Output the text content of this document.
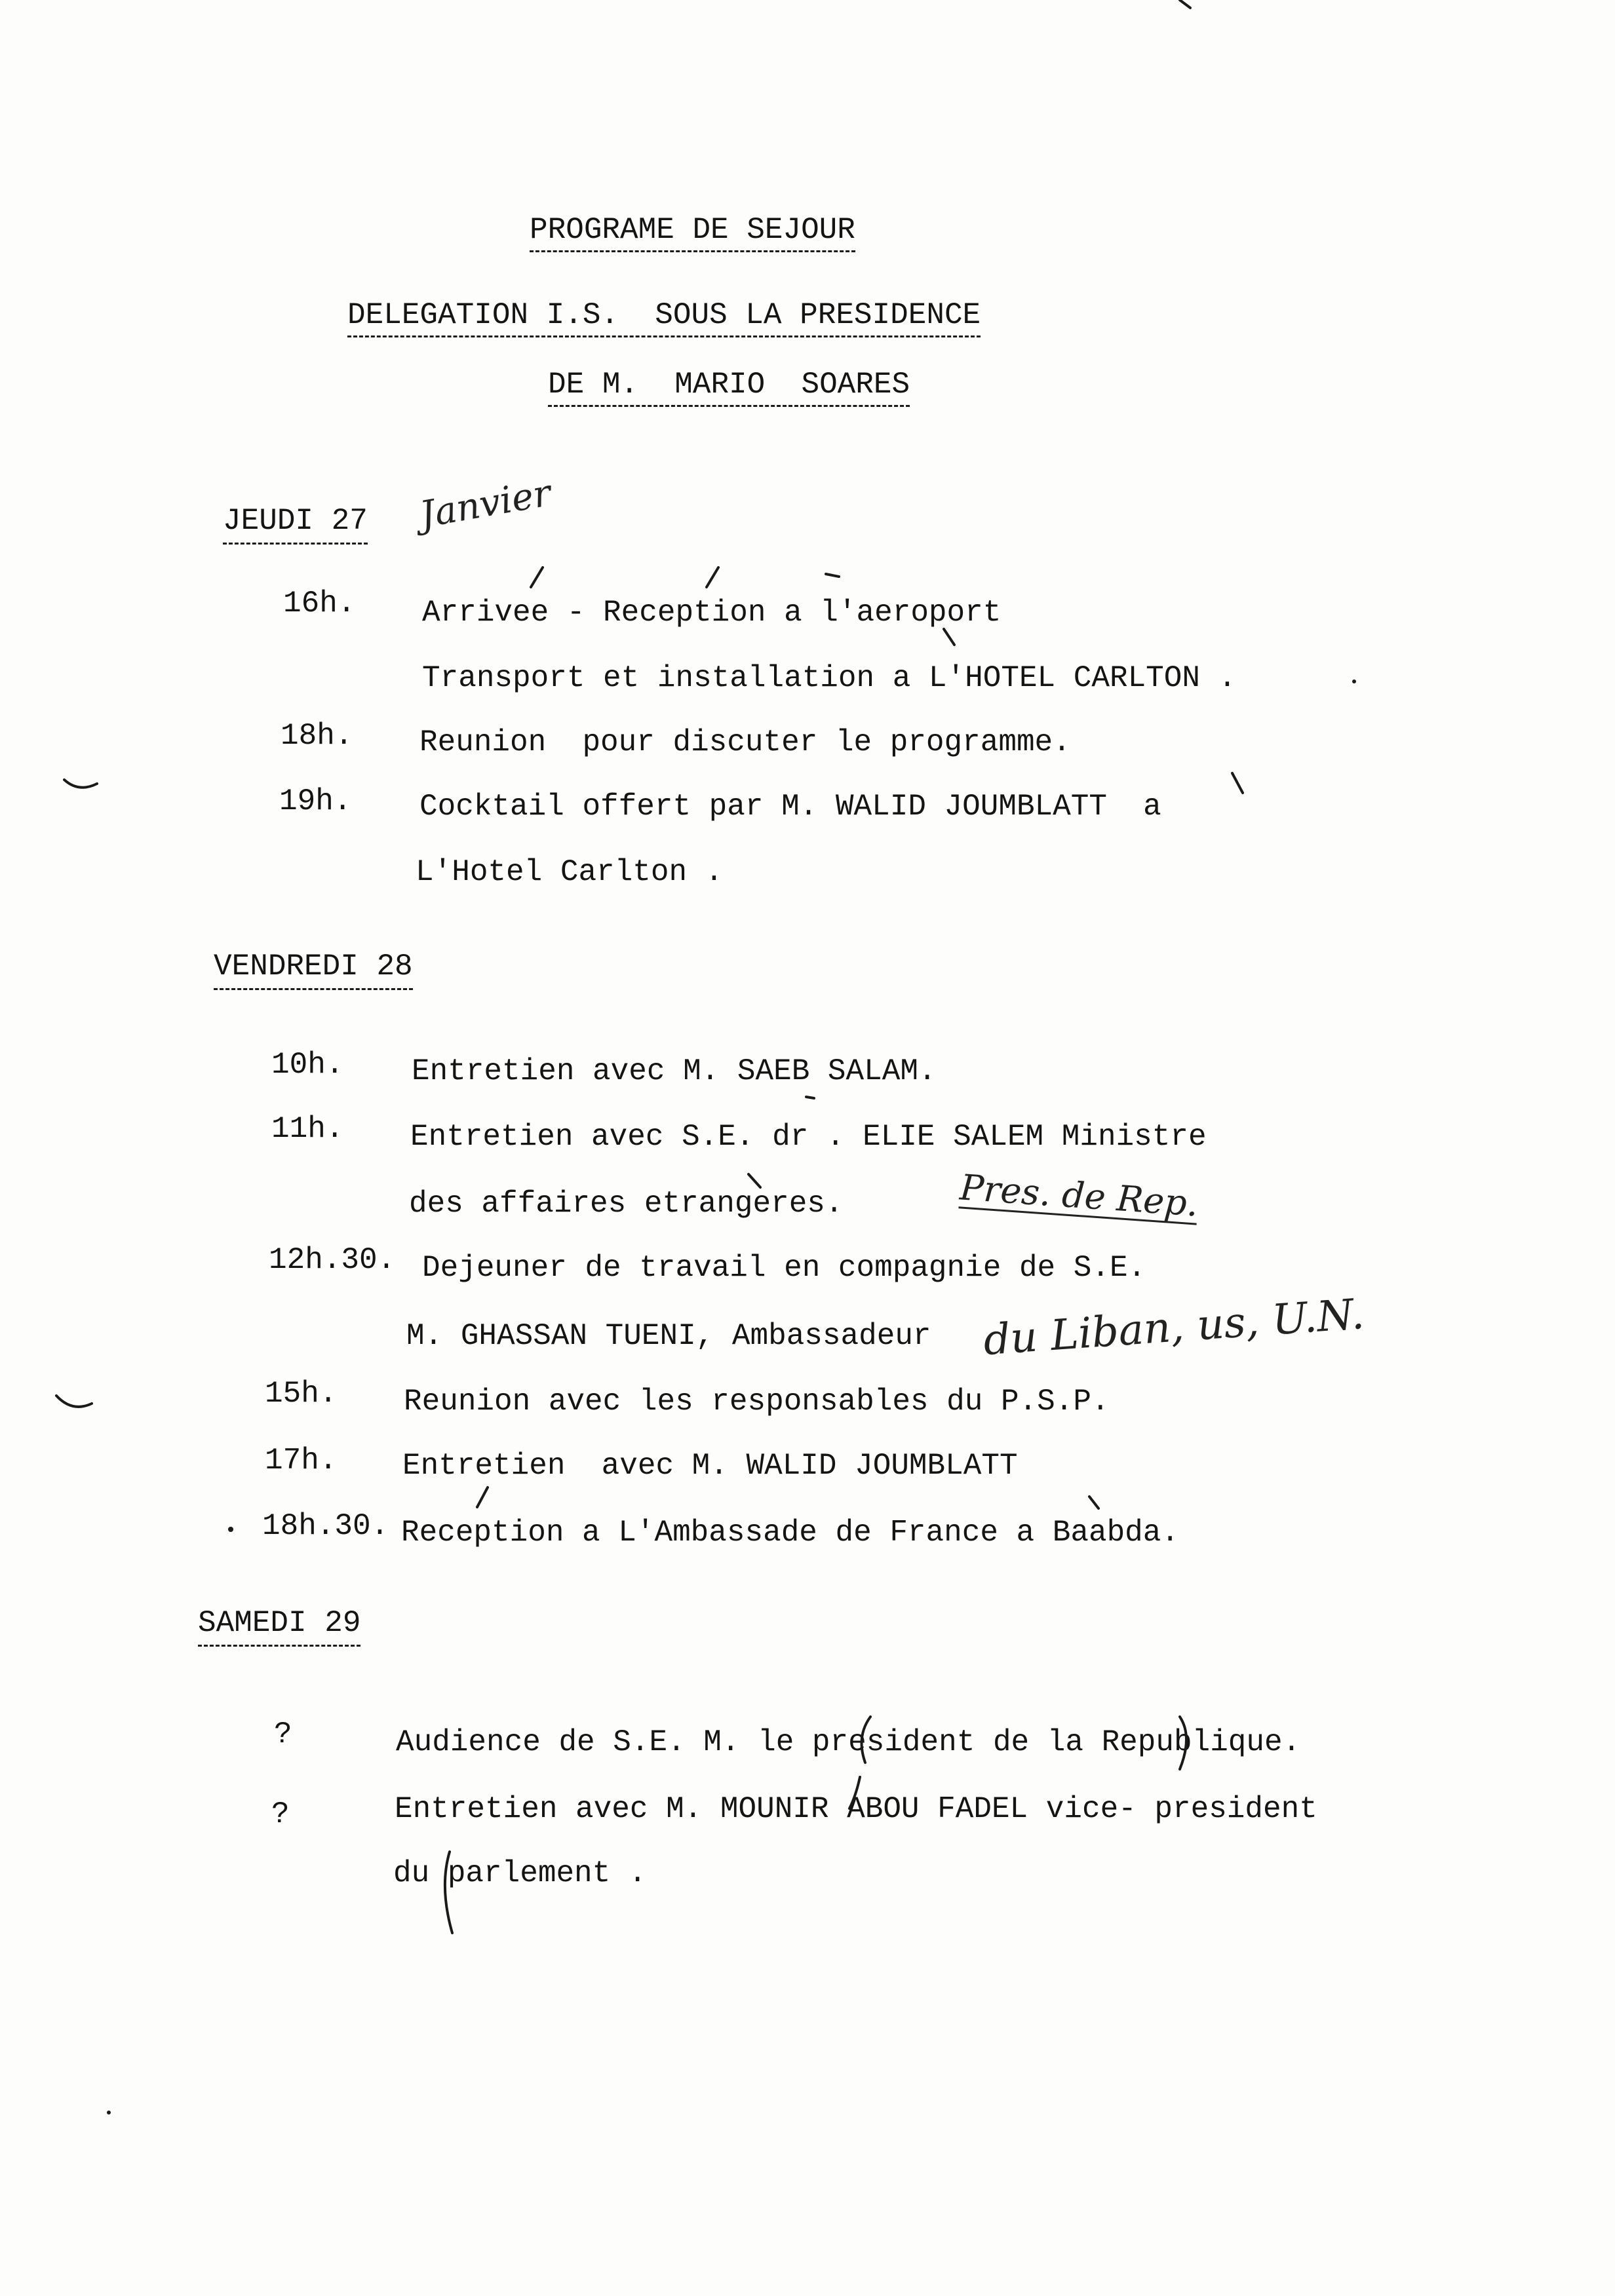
PROGRAME DE SEJOUR
DELEGATION I.S.  SOUS LA PRESIDENCE
DE M.  MARIO  SOARES
JEUDI 27 Janvier
16h. Arrivee - Reception a l'aeroport
Transport et installation a L'HOTEL CARLTON .
18h. Reunion  pour discuter le programme.
19h. Cocktail offert par M. WALID JOUMBLATT  a
L'Hotel Carlton .
VENDREDI 28
10h. Entretien avec M. SAEB SALAM.
11h. Entretien avec S.E. dr . ELIE SALEM Ministre
des affaires etrangeres.	Pres. de Rep.
12h.30. Dejeuner de travail en compagnie de S.E.
M. GHASSAN TUENI, Ambassadeur du Liban, us, U.N.
15h. Reunion avec les responsables du P.S.P.
17h. Entretien  avec M. WALID JOUMBLATT
18h.30. Reception a L'Ambassade de France a Baabda.
SAMEDI 29
?	Audience de S.E. M. le president de la Republique.
?	Entretien avec M. MOUNIR ABOU FADEL vice- president
du parlement .
